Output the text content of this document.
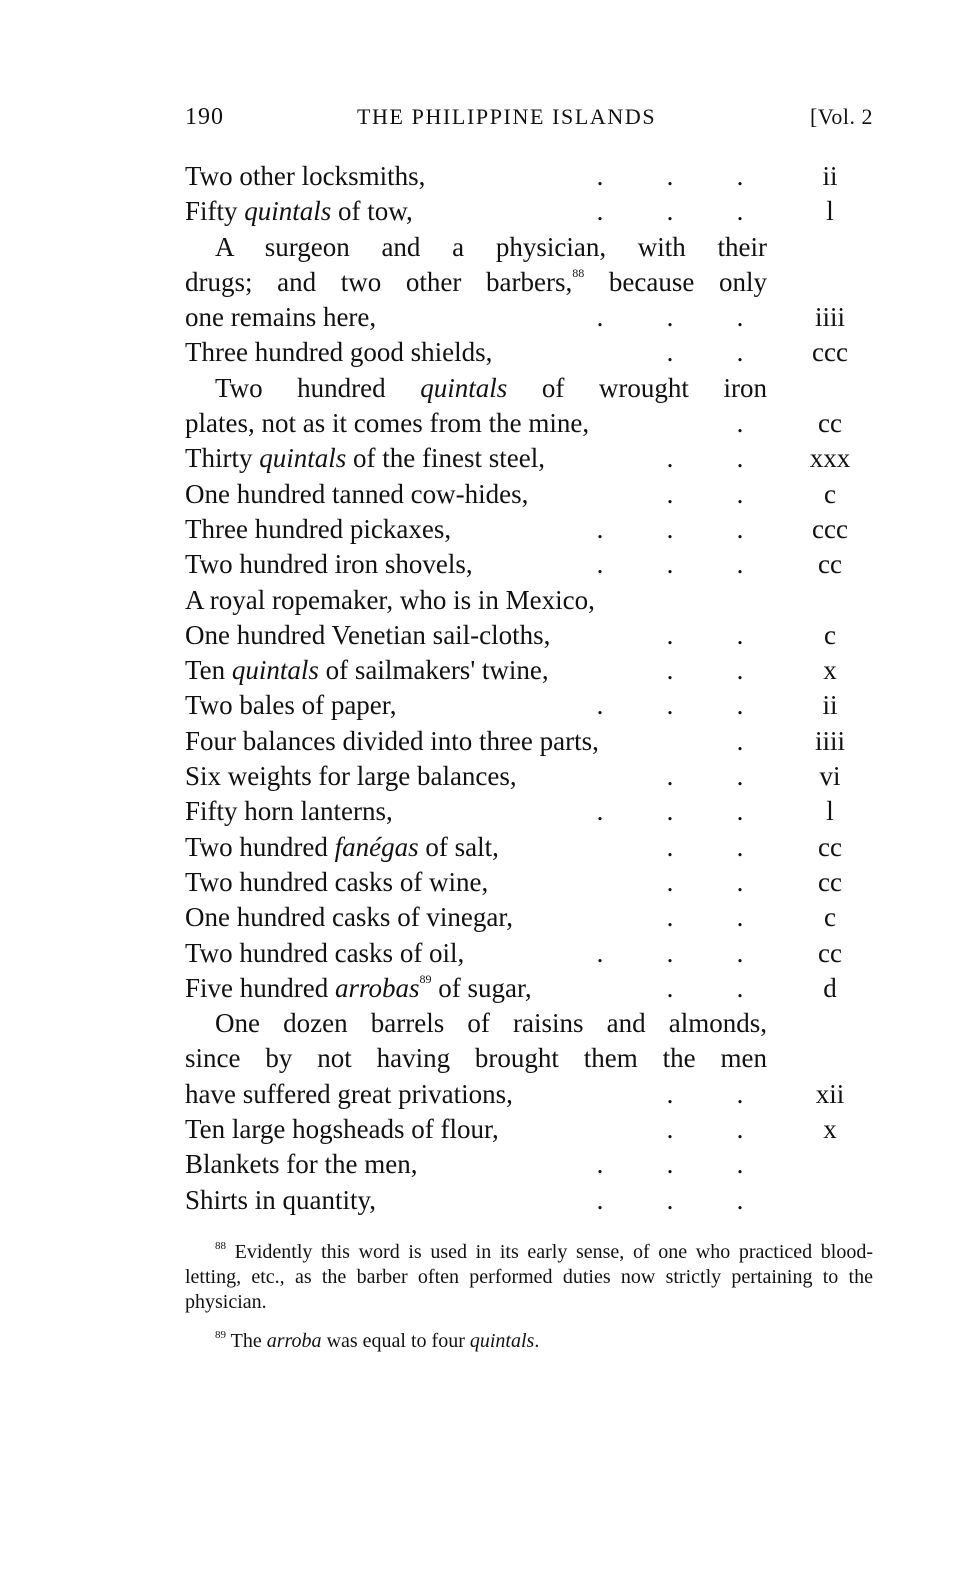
190	THE PHILIPPINE ISLANDS	[Vol. 2
Two other locksmiths,	. . .	ii
Fifty quintals of tow,	. . .	l
A surgeon and a physician, with their
drugs; and two other barbers,$^{88}$ because only
one remains here,	. . .	iiii
Three hundred good shields,	. .	ccc
Two hundred quintals of wrought iron
plates, not as it comes from the mine,	.	cc
Thirty quintals of the finest steel,	. .	xxx
One hundred tanned cow-hides,	. .	c
Three hundred pickaxes,	. . .	ccc
Two hundred iron shovels,	. . .	cc
A royal ropemaker, who is in Mexico,
One hundred Venetian sail-cloths,	. .	c
Ten quintals of sailmakers' twine,	. .	x
Two bales of paper,	. . .	ii
Four balances divided into three parts,	.	iiii
Six weights for large balances,	. .	vi
Fifty horn lanterns,	. . .	l
Two hundred fanégas of salt,	. .	cc
Two hundred casks of wine,	. .	cc
One hundred casks of vinegar,	. .	c
Two hundred casks of oil,	. . .	cc
Five hundred arrobas$^{89}$ of sugar,	. .	d
One dozen barrels of raisins and almonds,
since by not having brought them the men
have suffered great privations,	. .	xii
Ten large hogsheads of flour,	. .	x
Blankets for the men,	. . .
Shirts in quantity,	. . .

$^{88}$ Evidently this word is used in its early sense, of one who practiced blood-letting, etc., as the barber often performed duties now strictly pertaining to the physician.

$^{89}$ The arroba was equal to four quintals.
